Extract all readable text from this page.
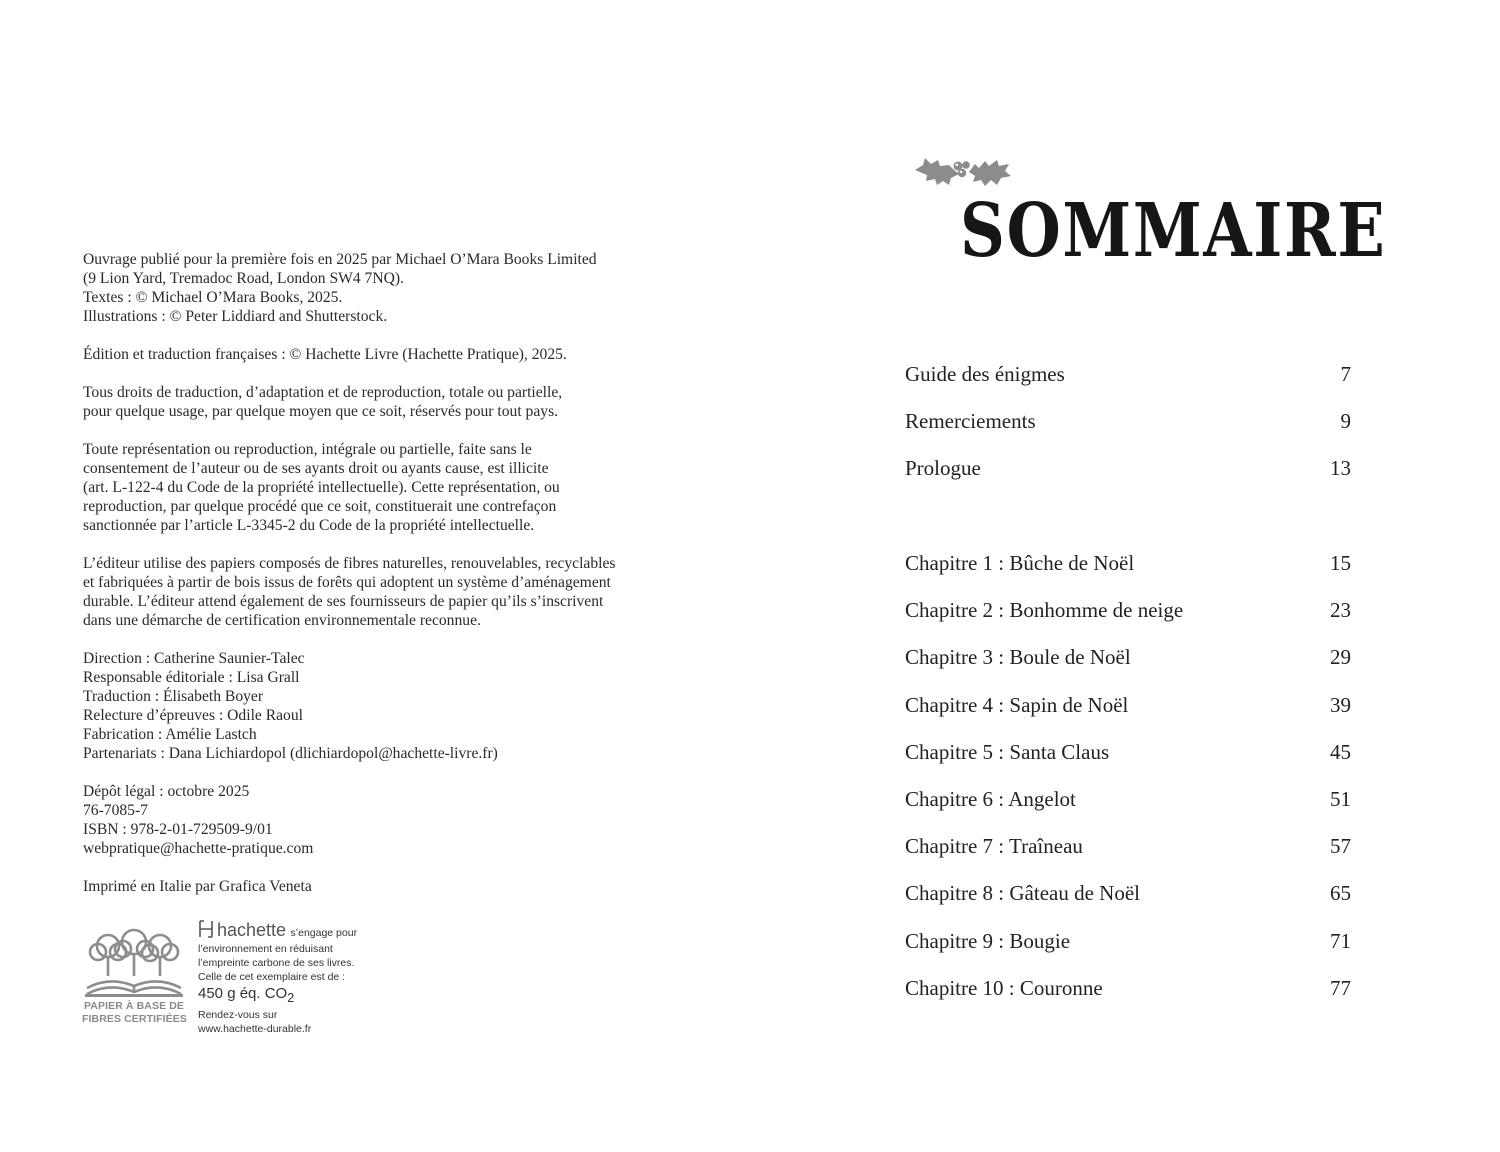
Ouvrage publié pour la première fois en 2025 par Michael O’Mara Books Limited
(9 Lion Yard, Tremadoc Road, London SW4 7NQ).
Textes : © Michael O’Mara Books, 2025.
Illustrations : © Peter Liddiard and Shutterstock.

Édition et traduction françaises : © Hachette Livre (Hachette Pratique), 2025.

Tous droits de traduction, d’adaptation et de reproduction, totale ou partielle,
pour quelque usage, par quelque moyen que ce soit, réservés pour tout pays.

Toute représentation ou reproduction, intégrale ou partielle, faite sans le
consentement de l’auteur ou de ses ayants droit ou ayants cause, est illicite
(art. L-122-4 du Code de la propriété intellectuelle). Cette représentation, ou
reproduction, par quelque procédé que ce soit, constituerait une contrefaçon
sanctionnée par l’article L-3345-2 du Code de la propriété intellectuelle.

L’éditeur utilise des papiers composés de fibres naturelles, renouvelables, recyclables
et fabriquées à partir de bois issus de forêts qui adoptent un système d’aménagement
durable. L’éditeur attend également de ses fournisseurs de papier qu’ils s’inscrivent
dans une démarche de certification environnementale reconnue.

Direction : Catherine Saunier-Talec
Responsable éditoriale : Lisa Grall
Traduction : Élisabeth Boyer
Relecture d’épreuves : Odile Raoul
Fabrication : Amélie Lastch
Partenariats : Dana Lichiardopol (dlichiardopol@hachette-livre.fr)

Dépôt légal : octobre 2025
76-7085-7
ISBN : 978-2-01-729509-9/01
webpratique@hachette-pratique.com

Imprimé en Italie par Grafica Veneta

PAPIER À BASE DE
FIBRES CERTIFIÉES
hachette s’engage pour
l’environnement en réduisant
l’empreinte carbone de ses livres.
Celle de cet exemplaire est de :
450 g éq. $CO_2$
Rendez-vous sur
www.hachette-durable.fr
SOMMAIRE
Guide des énigmes	7
Remerciements	9
Prologue	13
Chapitre 1 : Bûche de Noël	15
Chapitre 2 : Bonhomme de neige	23
Chapitre 3 : Boule de Noël	29
Chapitre 4 : Sapin de Noël	39
Chapitre 5 : Santa Claus	45
Chapitre 6 : Angelot	51
Chapitre 7 : Traîneau	57
Chapitre 8 : Gâteau de Noël	65
Chapitre 9 : Bougie	71
Chapitre 10 : Couronne	77
